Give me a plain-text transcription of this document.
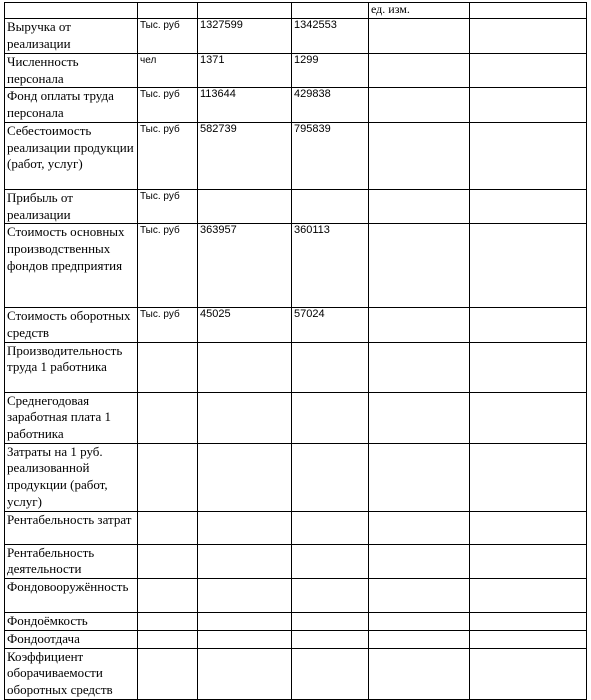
				ед. изм.	
Выручка от реализации	Тыс. руб	1327599	1342553		
Численность персонала	чел	1371	1299		
Фонд оплаты труда персонала	Тыс. руб	113644	429838		
Себестоимость реализации продукции (работ, услуг)	Тыс. руб	582739	795839		
Прибыль от реализации	Тыс. руб				
Стоимость основных производственных фондов предприятия	Тыс. руб	363957	360113		
Стоимость оборотных средств	Тыс. руб	45025	57024		
Производительность труда 1 работника					
Среднегодовая заработная плата 1 работника					
Затраты на 1 руб. реализованной продукции (работ, услуг)					
Рентабельность затрат					
Рентабельность деятельности					
Фондовооружённость					
Фондоёмкость					
Фондоотдача					
Коэффициент оборачиваемости оборотных средств					
